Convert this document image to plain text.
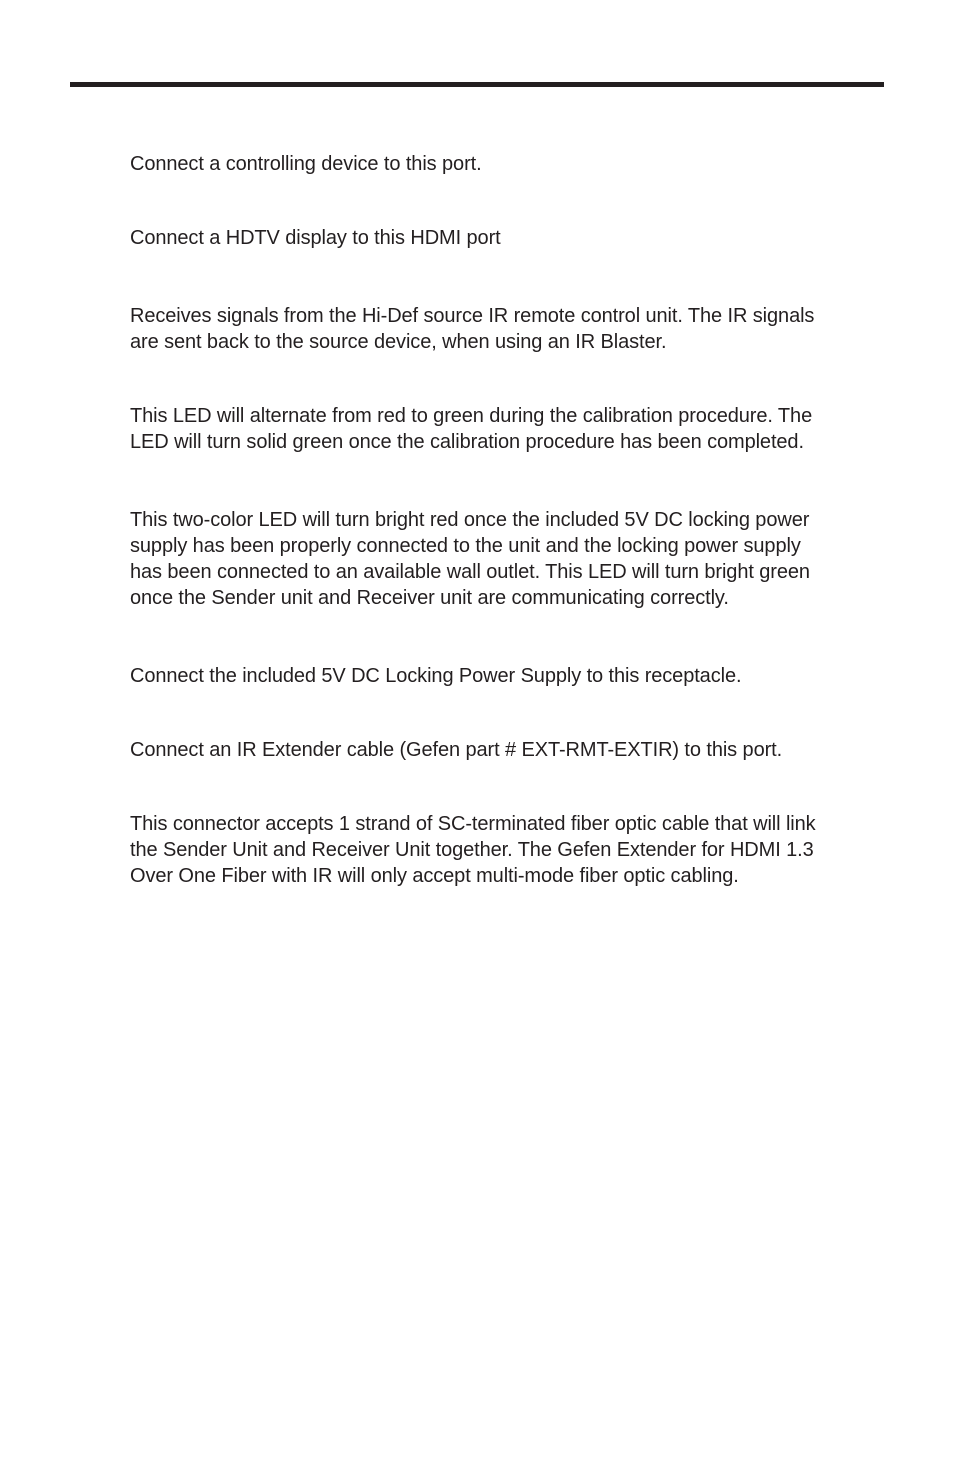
Connect a controlling device to this port.

Connect a HDTV display to this HDMI port

Receives signals from the Hi-Def source IR remote control unit. The IR signals
are sent back to the source device, when using an IR Blaster.

This LED will alternate from red to green during the calibration procedure. The
LED will turn solid green once the calibration procedure has been completed.

This two-color LED will turn bright red once the included 5V DC locking power
supply has been properly connected to the unit and the locking power supply
has been connected to an available wall outlet. This LED will turn bright green
once the Sender unit and Receiver unit are communicating correctly.

Connect the included 5V DC Locking Power Supply to this receptacle.

Connect an IR Extender cable (Gefen part # EXT-RMT-EXTIR) to this port.

This connector accepts 1 strand of SC-terminated fiber optic cable that will link
the Sender Unit and Receiver Unit together. The Gefen Extender for HDMI 1.3
Over One Fiber with IR will only accept multi-mode fiber optic cabling.
